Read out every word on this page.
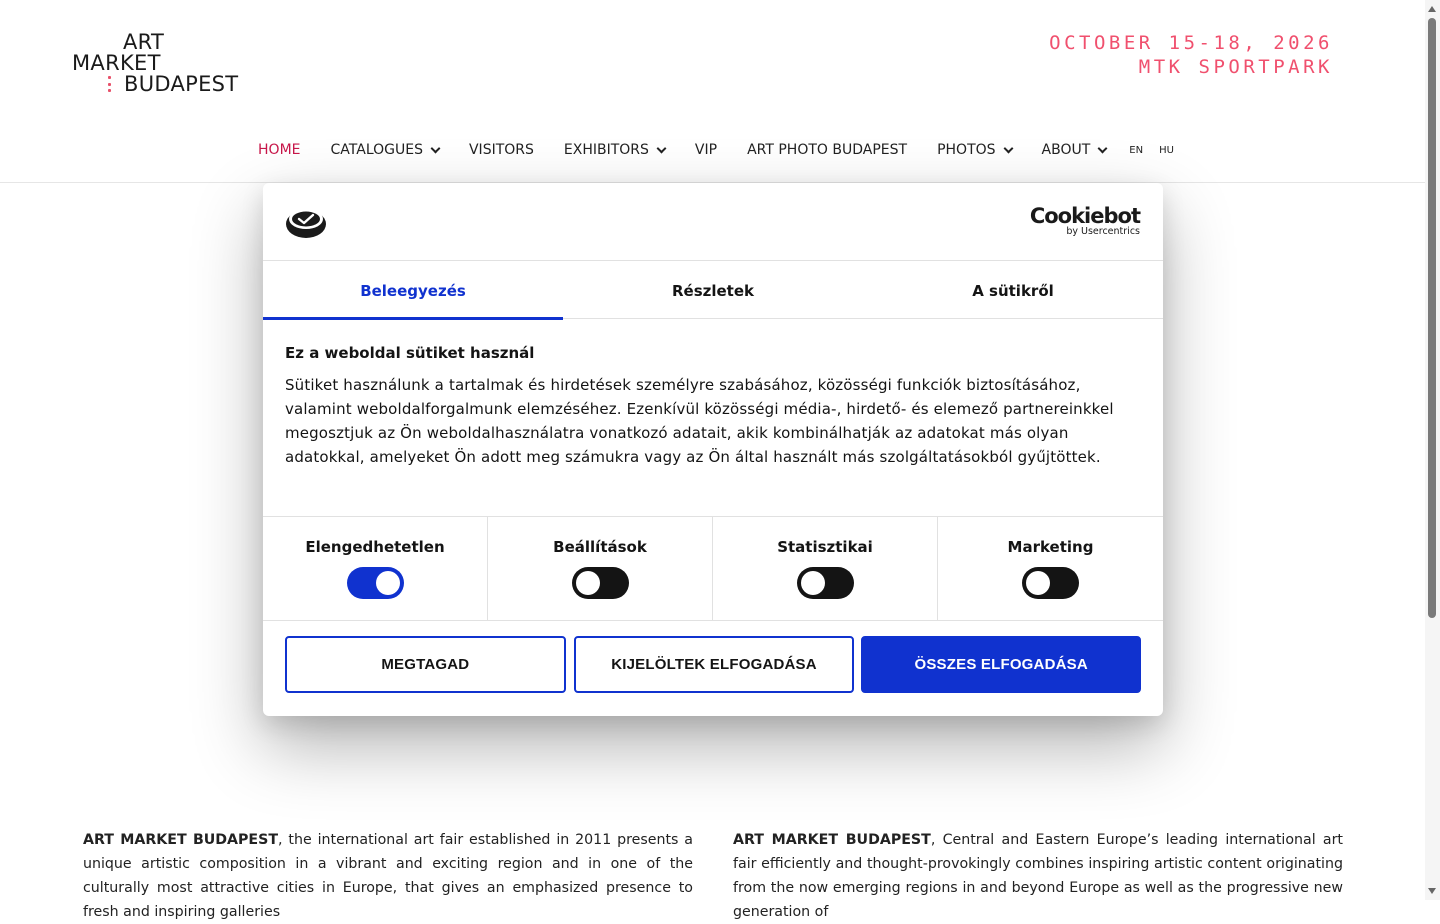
ART
MARKET
BUDAPEST
OCTOBER 15-18, 2026
MTK SPORTPARK
HOME CATALOGUES	VISITORS EXHIBITORS	VIP ART PHOTO BUDAPEST PHOTOS	ABOUT	EN HU
ART MARKET BUDAPEST, the international art fair established in 2011 presents a unique artistic composition in a vibrant and exciting region and in one of the culturally most attractive cities in Europe, that gives an emphasized presence to fresh and inspiring galleries
ART MARKET BUDAPEST, Central and Eastern Europe’s leading international art fair efficiently and thought-provokingly combines inspiring artistic content originating from the now emerging regions in and beyond Europe as well as the progressive new generation of
Cookiebot
by Usercentrics
Beleegyezés	Részletek	A sütikről
Ez a weboldal sütiket használ
Sütiket használunk a tartalmak és hirdetések személyre szabásához, közösségi funkciók biztosításához, valamint weboldalforgalmunk elemzéséhez. Ezenkívül közösségi média-, hirdető- és elemező partnereinkkel megosztjuk az Ön weboldalhasználatra vonatkozó adatait, akik kombinálhatják az adatokat más olyan adatokkal, amelyeket Ön adott meg számukra vagy az Ön által használt más szolgáltatásokból gyűjtöttek.
Elengedhetetlen	Beállítások	Statisztikai	Marketing
MEGTAGAD	KIJELÖLTEK ELFOGADÁSA	ÖSSZES ELFOGADÁSA
